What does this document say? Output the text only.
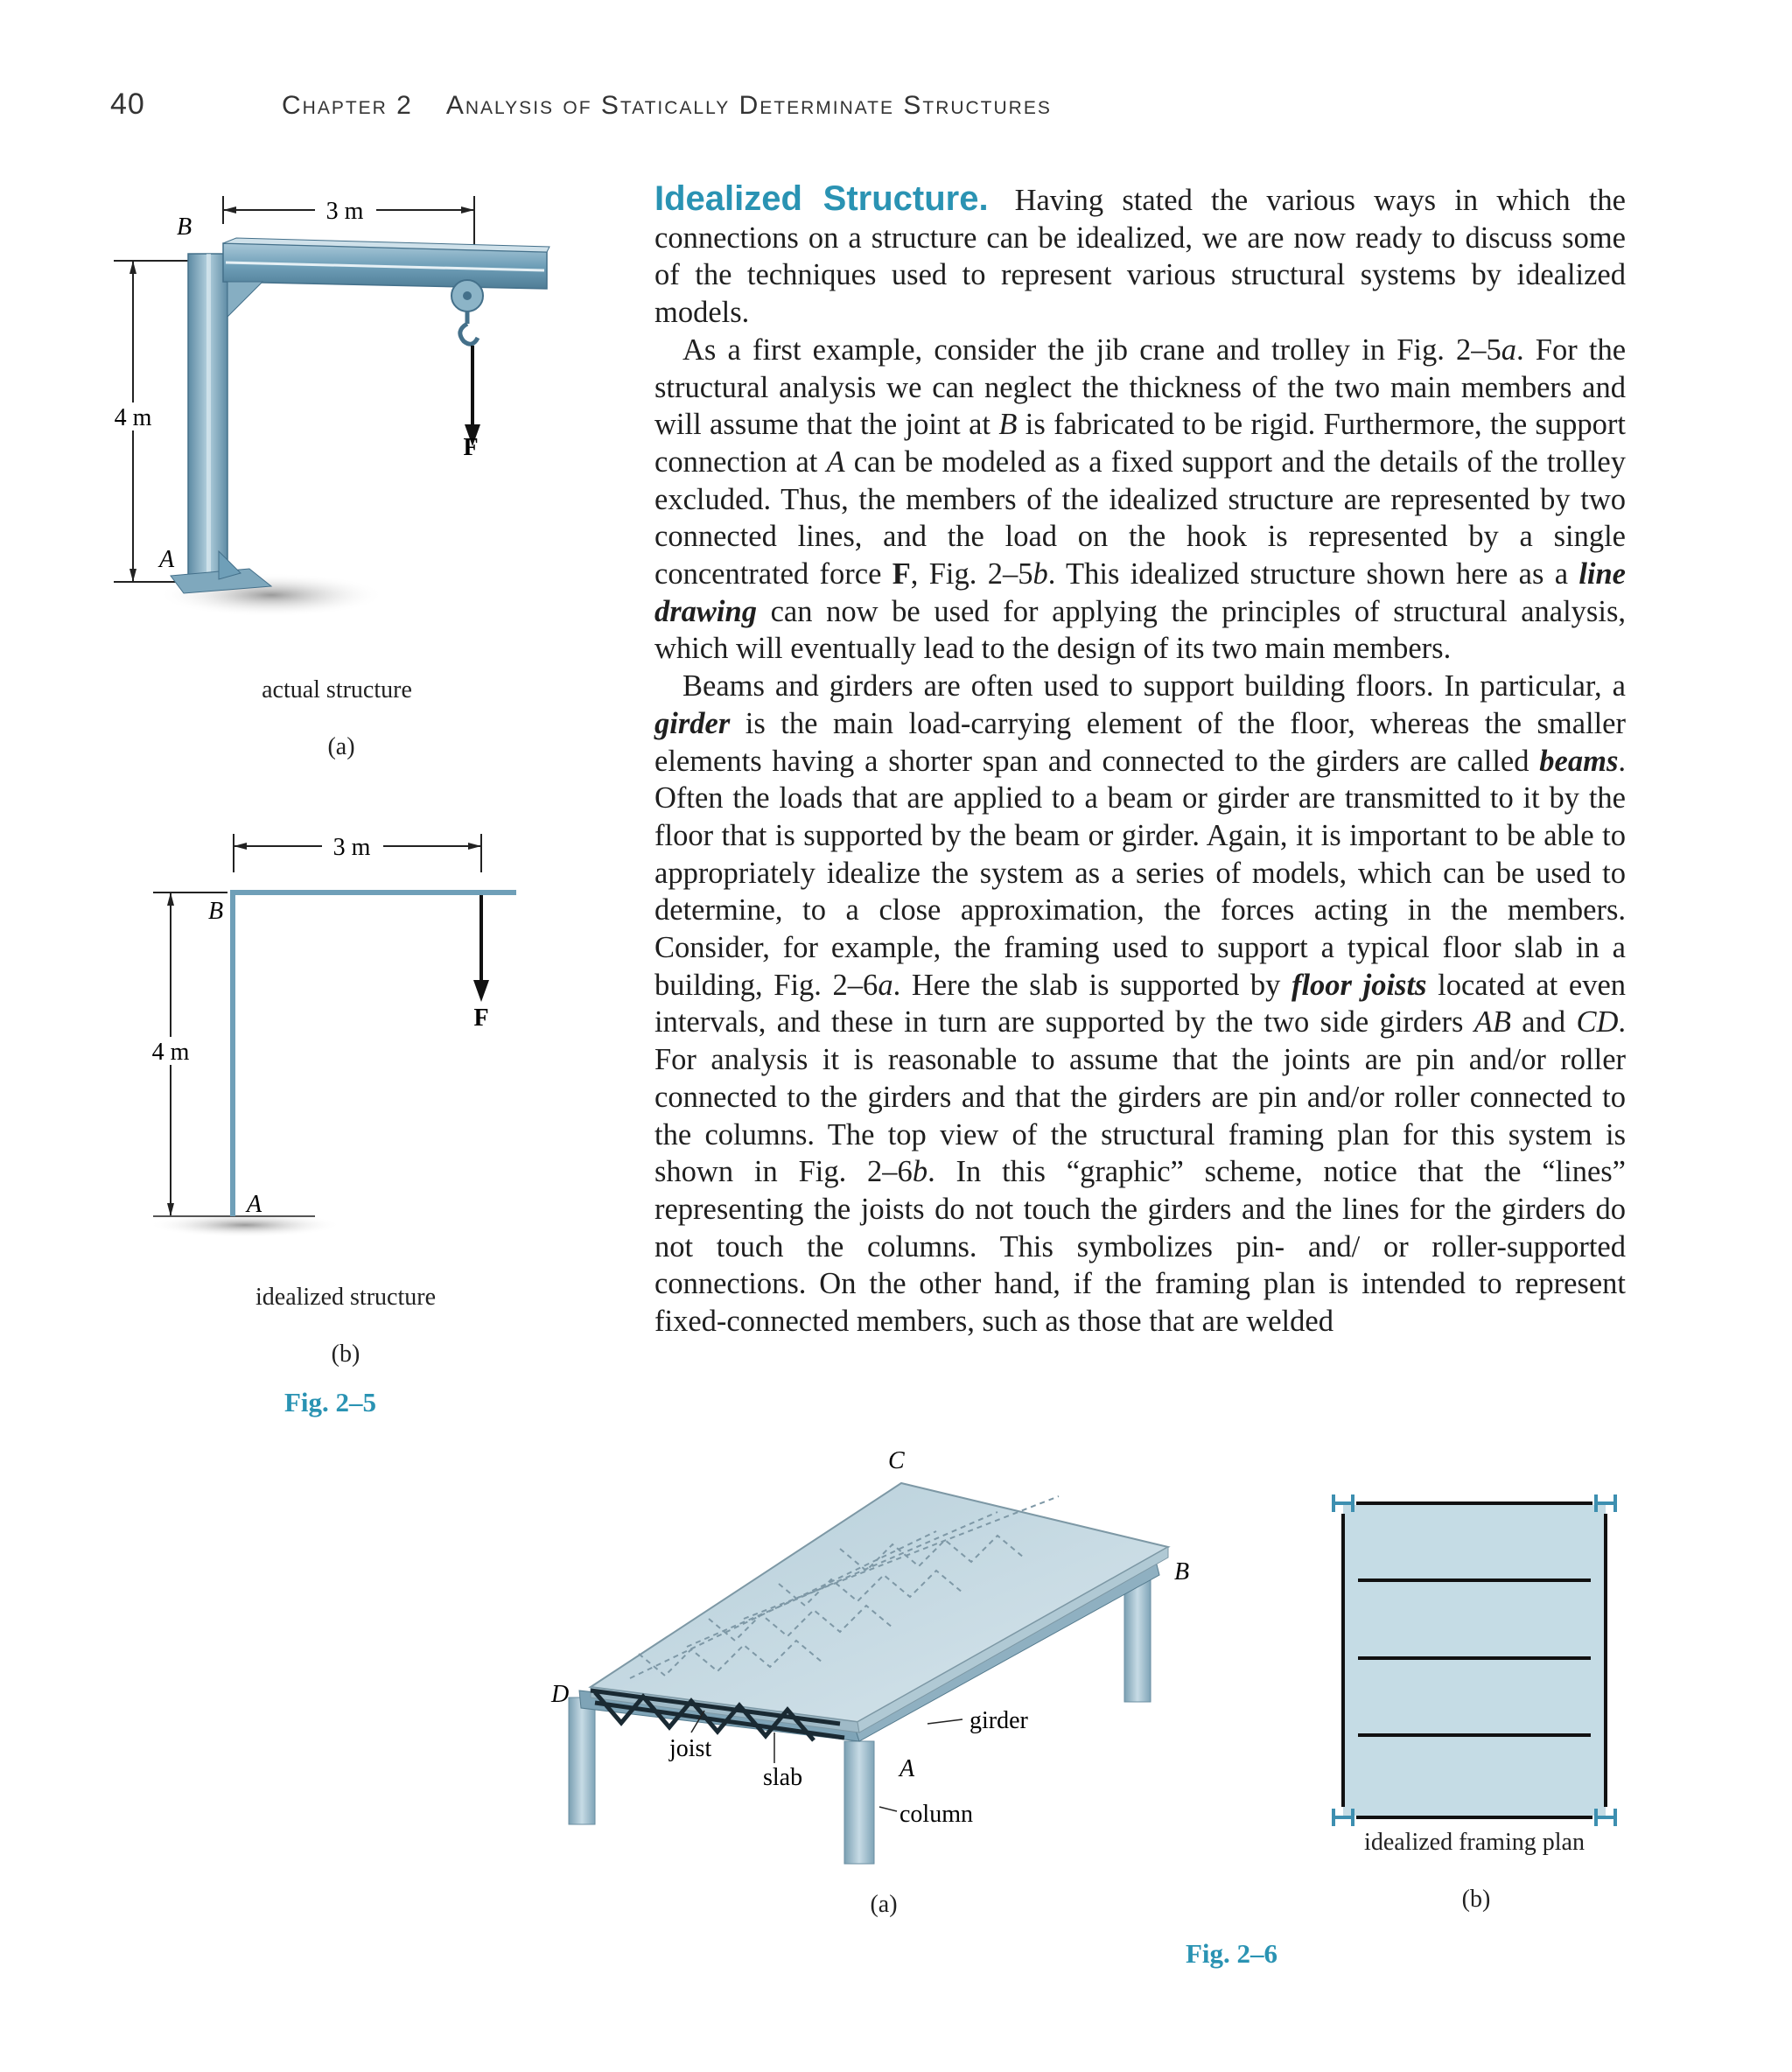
40	Chapter 2 Analysis of Statically Determinate Structures

Idealized Structure. Having stated the various ways in which the connections on a structure can be idealized, we are now ready to discuss some of the techniques used to represent various structural systems by idealized models.

As a first example, consider the jib crane and trolley in Fig. 2–5a. For the structural analysis we can neglect the thickness of the two main members and will assume that the joint at B is fabricated to be rigid. Furthermore, the support connection at A can be modeled as a fixed support and the details of the trolley excluded. Thus, the members of the idealized structure are represented by two connected lines, and the load on the hook is represented by a single concentrated force F, Fig. 2–5b. This idealized structure shown here as a line drawing can now be used for applying the principles of structural analysis, which will eventually lead to the design of its two main members.

Beams and girders are often used to support building floors. In particular, a girder is the main load-carrying element of the floor, whereas the smaller elements having a shorter span and connected to the girders are called beams. Often the loads that are applied to a beam or girder are transmitted to it by the floor that is supported by the beam or girder. Again, it is important to be able to appropriately idealize the system as a series of models, which can be used to determine, to a close approximation, the forces acting in the members. Consider, for example, the framing used to support a typical floor slab in a building, Fig. 2–6a. Here the slab is supported by floor joists located at even intervals, and these in turn are supported by the two side girders AB and CD. For analysis it is reasonable to assume that the joints are pin and/or roller connected to the girders and that the girders are pin and/or roller connected to the columns. The top view of the structural framing plan for this system is shown in Fig. 2–6b. In this “graphic” scheme, notice that the “lines” representing the joists do not touch the girders and the lines for the girders do not touch the columns. This symbolizes pin- and/ or roller-supported connections. On the other hand, if the framing plan is intended to represent fixed-connected members, such as those that are welded

3 m
4 m
F
B
A
actual structure
(a)
3 m
4 m
F
B
A
idealized structure
(b)
Fig. 2–5
C
B
D
A
girder
joist
slab
column
(a)
idealized framing plan
(b)
Fig. 2–6
